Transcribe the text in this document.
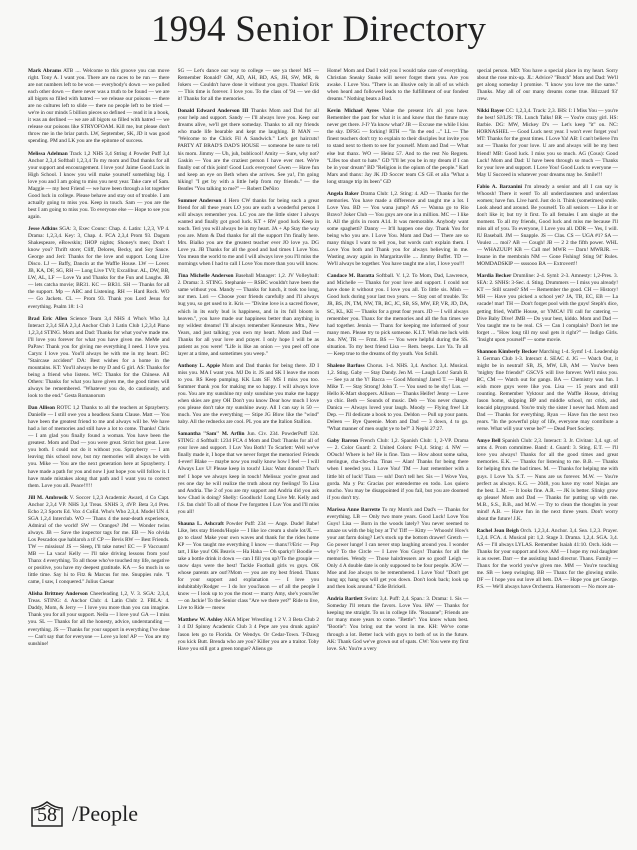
1994 Senior Directory

Mark Abrams ATB .... Welcome to this groove you can move right. Tony A. I want you. There are no races to be run — there are not numbers left to be won — everybody's down — we pulled each other down — there never was a truth to be found — we are all bigots so filled with hatred — we release our poisons — there are no cultures left to slide — there no people left to be tried — we're in our minds 5 billion pieces so defined — read it in a book, it was an derlined — we are all bigots so filled with hatred — we release our poisons like STRYOFOAM. Kill me, but please don't throw me in the briar patch. LW, September, SK, JD it was good spending. PM and LK you are the epitome of success.

Melissa Adelman Track 1,2 NHS 3,4 String 4 Powder Puff 3,4 Anchor 2,3,4 Softball 1,2,3,4 To my mom and Dad thanks for all your support and encouragement. I love you! Jaime Good Luck in High School. I know you will make yourself something big. I love you and I am going to miss you next year. Take care of Sam. Maggie — my best Friend — we have been through a lot together Good luck in college. Please behave and stay out of trouble. I am actually going to miss you. Keep in touch. Sam — you are the best I am going to miss you. To everyone else — Hope to see you again.

Jesse Adkins SGA: 3, Exec Counc: Chap. 4. Latin: 1,2,3, VP 4. Drama: 1,2,3,4. Key: 3, Chap. 4. FCA 2,3,4 Prom 93. Dagum Shakespeare, eBowskin; IHOP nights; Shoney's men; Don't I know you? Thrift store; Cliff, Delores, Becky, and Soy Sauce. George and Jeri: Thanks for the love and support. Long Live Disco. LJ — Baffy, Dancin at the Waffle House. LW — Lover. JB, KA, DF, SG, RH — Long Live TVI; Excalibur. AL, DW, BB, LW, AL, LF — Love Ya and Thanks for the Fun and Laughs. JB — lets catcha movie; BR31. KC — BR31. SH — Thanks for all the support. Mp — ABC and Listening. RH — Hard Rock. WO — Go Jackets. CL — Prom 93. Thank you Lord Jesus for everything. Psalm 18: 1-3

Brad Eric Allen Science Team 3,4 NHS 4 Who's Who 3,4 Interact 2,3,4 SEA 2,3,4 Anchor Club 3 Latin Club 1,2,3,4 Piano 1,2,3,4 STING. Mom and Dad: Thanks for what you've made me. I'll love you forever for what you have given me. MeMe and PaPaw: Thank you for giving me everything I need. I love you. Caryn: I love you. You'll always be with me in my heart. BC: ''Staircase accident'' DA: Best wishes for a home in the mountains. KT: You'll always be my D and G girl. AS: Thanks for being a friend who listens. WC: Thanks for the Chinese. All Others: Thanks for what you have given me, the good times will always be remembered. ''Whatever you do, do cautiously, and look to the end.'' Gesta Romanorum

Dan Allison ROTC 1,2 Thanks to all the teachers at Sprayberry. Danielle — I still owe you a headless Santa Clause. Matt — You have been the greatest friend to me and always will be. We have had a lot of memories and still have a lot to come. Thanks! Chris — I am glad you finally found a woman. You have been the greatest. Mom and Dad — you were great. Strict but great. Love you both. I could not do it without you. Sprayberry — I am leaving this school now, but my memories will always be with you. Mike — You are the next generation here at Sprayberry. I have made a path for you and now I just hope you will follow it. I have made mistakes along that path and I want you to correct them. Love you all. Peace!!!!!

Jill M. Ambrosik V. Soccer 1,2,3 Academic Award, 4 Co Capt. Anchor 2,3,4 VP. NHS 3,4 Treas. SNHS 3, 4VP. Beta 3,4 Pres. Echo 2,3 Sports Ed. Vox 4 CoEd. Who's Who 2,3,4. Model UN 4. SGA 1,2,4 Interclub. WO — Thanx 4 the near-death experience, Admiral of the world! SW — Oranges? JM — Wonder twins always. JB — Save the inspector tags for me. EB — No olvida Los Pescados que hablaroh a ti! CP — Bevis RW — Best Friends. TW — mississa! JS — Sleep, I'll take notes! EC — F Vaccuum! MB — La vaca! Kelly — I'll take driving lessons from you! Thanx 4 everything. To all those who've touched my life, negative or positive, you have my deepest gratitude. KA — So much in so little time. Say hi to Fitz & Marcus for me. Snuppies rule. ''I came, I saw, I conquered.'' Julius Caesar

Alisha Brittney Anderson Cheerleading 1,2, V. 3. SGA: 2,3,4, Treas. STING: 4. Anchor Club: 4. Latin Club: 2. FBLA: 4. Daddy, Mom, & Jerry — I love you more than you can imagine. Thank you for all your support. Neila — I love you! GA — I miss you. SL — Thanks for all the honesty, advice, understanding — everything. JS — Thanks for your support in everything I've done — Can't say that for everyone — Love ya lots! AP — You are my sunshine!

SG — Let's dance our way to college — see ya there! MS — Remember Ronald? GM, AD, AH, BD, AS, JH, SW, MR, & Jokers — Couldn't have done it without you guys. Thanks! Erik — This time is forever. I love you. To the class of '94 — we did it! Thanks for all the memories.

Donald Edward Anderson III Thanks Mom and Dad for all your help and support. Sandy — I'll always love you. Keep our dreams alive, we'll get there someday. Thanks to all my friends who made life bearable and kept me laughing. B MAN — ''Welcome to the Chick Fil A Sandwich.'' Let's get haircuts! PARTY AT BRAD'S DAD'S HOUSE — someone be sure to tell his mom. Jimmy — Uh, juh, bublicool! Amity — Sure, why not? Gaskin — You are the craziest person I have ever met. We're finally out of this joint! Good Luck everyone! Gwen — Have fun and keep an eye on Beth when she arrives. See ya!, I'm going hiking! ''I get by with a little help from my friends.'' — the Beatles ''You talking to me?'' — Robert DeNiro

Summer Anderson 4 Hero CW thanks for being such a great friend for all these years LO you are such a wonderful person I will always remember you. LC you are the little sister I always wanted and finally got good luck. KT + RW good luck Keep in touch. Teri you will always be in my heart. JA + Ap Stay the way you are. Mom & Dad thanks for all the support I'm finally here. Mrs. Bialko you are the greatest teacher ever JO love ya. DG Love ya. JB Thanks for all the good and bad times I Love You. You mean the world to me and I will always love you I'll miss the mornings when I had to call I Love You more than you will know.

Tina Michelle Anderson Baseball Manager: 1,2. JV Volleyball: 2. Drama: 3. STING. Stephanie — RSBC wouldn't have been the same without you. Mandy — Thanks for lunch, it took too long, our men. Lori — Choose your friends carefully and I'll always bug you, so get used to it. Kris — ''Divine love is a sacred flower, which in its early bud is happiness, and in its full bloom is heaven.'', you have made our happiness better than anything in my wildest dreams! I'll always remember Kennesaw Mtn., New Years, and just talking; you own my heart. Mom and Dad — Thanks for all your love and prayer. I only hope I will be as patient as you were! ''Life is like an onion — you peel off one layer at a time, and sometimes you weep.''

Anthony L. Appie Mom and Dad thanks for being there. JD I miss you. MA I want you. MJ Do it. JS and SK I leave the room to you. RS Keep pumping. KK Lats SF. MS I miss you too. Summer thank you for making me so happy. I will always love you. You are my sunshine my only sunshine you make me happy when skies are grey OH Don't you know Dear how much I love you please don't take my sunshine away. All I can say is 50 — much. You are the everything — Stipe JG Blow like the ''wind'' baby. All the rednecks are cool. PL you are the Italion Stallion.

Samantha ''Sam'' M. Arflin Jun. Civ. 234. PowderPuff 124. STING: 4 Softball: 1234 FCA 4 Mom and Dad: Thanks for all of your love and support. I Luv You Both! To Scarlett: Well we've finally made it, I hope that we never forget the memories! Friends 4-ever! Blake — maybe now you really know how I feel — I will Always Luv U! Please keep in touch! Lisa: Want donuts? That's me! I hope we always keep in touch! Melissa: you're great and yes one day he will realize the truth about my feelings! To Lisa and Andria. The 2 of you are my support and Andria did you ask how Chad is doing? Shelly: Goodluck! Long Live Mr. Kelly and J.S. fan club! To all of those I've forgotten I Luv You and I'll miss you all!

Shauna L. Ashcraft Powder Puff: 234 — Ange. Dude! Babe! Like, lets stay friends/Hopie — I like ice cream a shole lot/JL — go to class! Make your own waves and thank for the rides home KP — You taught me everything I know — thanx!?/Eric — Pop tart, I like you! OK Beavis — Ha Haha — Oh sparky!/ Boodie — take a bottle drink it down — can I fill you up?/To the groupie — snow days were the best! Tackle Football girls vs guys. OK whose parents are out!?Mom — you are my best friend. Thanx for your support and explanation — I love you indubitably/Rodger — I do luv you/Jason — of all the people I know — I look up to you the most — marry Amy, she's yours/Jer — on Jackie! To the Senior class ''Are we there yet?'' Ride to live, Live to Ride — meow

Matthew W. Ashley AKA Miper Wrestling 1 2 V. 3 Beta Club 2 3 4 DJ Spinny Academic Club 3 4 Pepe are you drunk again? Jason lets go to Florida. Or Wendys. Or Cedar-Town. T-Dawg you kick Butt. Brenda who are you? Killer you are a traitor. Toby Have you still got a green tongue? Aliens go

Home! Mom and Dad I told you I would take care of everything. Christian Sneaky Snake will never forget them you. Are you awake. I Love You. ''There is an illusive only in all of us which when heard and followed leads to the fulfillment of our fondest dreams.'' Nothing beats a Bud.

Kevin Michael Ayres Value the present it's all you have. Remember the past for what it is and know that the future may never get there. J-I? Ya know what? JB — Excuse me while I kiss the sky. DFSG — forking! RTH — ''In the end ...'' LL — The finest teachers don't try to explain to their disciples but invite you to stand next to them to see for yourself. Mom and Dad — What else but thanx. WO — Heinz 57. And to the rest No Regrets. ''Lifes too short to hate.'' GD ''I'll let you be in my dream if I can be in your dream'' BD ''Religion is the opium of the people.'' Karl Mars and thanx: Jay JK JD Soccer team CS GE et alia ''What a long strange trip its been'' GD

Angela Baker Drama Club: 1,2. Sting: 4. AD — Thanks for the memories. You have made a difference and taught me a lot. I Love You. BD — You wana jump? AS — Wanna go to Rio Bravo? Joker Club — You guys are one in a million. MC — I like it. All the girls in room A14. It was memorable. Anybody want some spaghetti? Danny — It'll happen one day. Thank You for being who you are. I Love You. Mom and Dad — There are so many things I want to tell you, but words can't explain them. I Love You both and Thank you for always believing in me. Wasting away again in Margaritaville .... Jimmy Buffet. TD — We'll always be together. You have taught me a lot, I love you!!!

Candace M. Baratta Softball. V. 1,2. To Mom, Dad, Lawrence, and Michelle — Thanks for your love and support. I could not have done it without you. I love you all. To little sis. Mish — Good luck during your last two years. — Stay out of trouble. To: JR, BS, JN, TM, NW, TR, BC, JC, SB, SS, MW, EP, VR, JD, DA, SC, KL, KE — Thanks for a great four years. JD — I will always remember you. Thanx for the memories and all the fun times we had together. Jennia — Thanx for keeping me informed of your many men. Please try to pick someone. K.I.T. Wish me luck with Jon. NW, TR — Frmt. BS — You were helpful during the SS. situation. To my best friend Lisa — Rem. beeps. Luv Ya. To all — Keep true to the dreams of thy youth. Von Schill.

Shalene Barfuss Chorus. 1-4. NHS. 3,4. Anchor. 3,4. Musical. 1,2. Sting. Gaby — Stay Dandy. Jen M. — Laugh Lots! Sarah B. — See ya at the Y! Bacca — Good Morning! Jared T. — Hugs! Mike T. — Stay Strong! John T. — You used to be shy! Lus. — Hello K-Mart shoppers. Allison — Thanks Heifer! Jenny — Love ya chic. Beth — Sounds of music. Deb — You never change. Danica — Always loved your laugh. Moody — Flying free! Lit Dep. — I'll dedicate a book to you. Deldon — Pull up your pants. Deleen — Bye Queenie. Mom and Dad — 3 down, 4 to go. ''What manner of men ought ye to be?'' 3 Nephi 27:27.

Gaby Barron French Club: 1,2. Spanish Club: 1, 2-VP. Drama — 2. Color Guard: 2. United Colors: P-3,4. Sting: 4. NW — OOuch! Where is he? He is fine. Tara — How about some salsa, meringue, cha-cho-cha. Tinas — Alan! Thanks for being there when I needed you. I Love You! TM — Just remember with a little bit of luck! Tiara — ssh! Don't tell her. Sis — I Wove You, gorda. Ma y Pa: Gracias por entenderme en todo. Los quiero mucho. You may be disappointed if you fail, but you are doomed if you don't try.

Marissa Anne Barrette To my Mom's and Dad's — Thanks for everything. LB — Only two more years. Good Luck! Love You Guys! Lisa — Born in the woods lately? You never seemed to amaze us with the big boy at T's! Tiff — Kitty — Whoosh! How's your ant farm doing? Let's stock up the bottom drawer! Gretch — Go power lunge! I can never stop laughing around you. I wonder why? To the Circle — I Love You Guys! Thanks for all the memories. Wendy — Those hairdressers are so good! Leigh — Only 4 A double date is only supposed to be four people. JGW — Moe and Joe always to be remembered. I Love You! ''Don't get hung up; hang ups will get you down. Don't look back; look up and then look around.'' Edie Brickell.

Andria Bartlett Swim: 3,4. Puff: 2,4. Span.: 3. Drama: 1. Sis — Someday I'll return the favors. Love You. HW — Thanks for keeping me straight. To us in college life. ''Rosanne''; Friends are for many more years to come. ''Bettle'': You know whats best. ''Bootie'': You bring out the worst in me. KH: We've come through a lot. Better luck with guys to both of us in the future. AK: Thank God we've grown out of spats. CW: You were my first love. SA: You're a very

special person. MD: You have a special place in my heart. Sorry about the rose mix-up. JL: Advice? ''Butch'' Mom and Dad: We'll get along someday I promise. ''I know you love me the same.'' Thanks. May all of our many dreams come true. Blizzard 93' crew.

Nikki Bayer CC: 1,2,3,4. Track: 2,3. IHS: I: I Miss You — you're the best! SJ/LJS: TR. Lunch Talks! BR — You're crazy girl. HS: Barbie. DG: MW, Mickey D's — Let's keep ''it'' on. NC: HORNASHEL — Good Luck next year. I won't ever forget you! MT: Thanks for the great times. I Love Ya! AB: I can't believe I'm out — Thanks for your love. U are and always will be my best friend! MB: Good luck. I miss you so much. AG (Cous): Good Luck! Mom and Dad: U have been through so much — Thanks for your love and support. I Love You! Good Luck to everyone — May U Succeed in whatever your dreams may be. Smile!!!

Fabio A. Barzanini I'm already a senior and all I can say is Whoosh! There it went! To all underclassmen and underclass women; have fun. Live hard. Just do it. Think (sometimes) smile. Look ahead and around. Be yourself. To all seniors — Like it or don't like it; but try it first. To all females I am single at the moment. To all my friends, Good luck and miss me because I'll miss all of you. To everyone, I Love you all. DDR — Yes, I will. IU Baseball. JM — Snapple. JS — Clas. CS — UGA #1? SA — Voulez .... moi? AB — Cough! JB — 2 2 the fifth power. WHL — WHAZUUP! KB — Call me! MWR — Darn! MWRJR. — Insane in the membrain NM — Gone Fishing! Sting 94' Rules. MOMDADSKIP — ssssooo BA — Extrovert!!

Mardia Becker Drumline: 2-4. Syml: 2-3. Amnesty: 1,2-Pres. 3. SEA: 2. SNHS: 3-Sec. 4. Sting. Drummers — I miss you already! KT — Still scared? SM — Remember the good. CH — History! MH — Have you picked a school yet? JA, TB, EC, EB — La vacade! mar! TH — Don't forget pool with the guys! Steph's dice, getting fried, Waffle House, or YMCA! I'll call for catering — Dive Baby Dive! JMB — Do your best, kiddo. Mom and Dad — You taught me to be real. CS — Can I complain? Don't let me forget ... ''How long till my soul gets it right?'' — Indigo Girls. ''Insight upon yourself'' — some movie.

Shannon Kimberly Becker Marching 1-4. Symf 1-4. Leadership 3. German Club 1-3. Interact 4. SEAC 4. JG — Watch Out, it might be in neutral! SB, JS, MW, LB, AM — You've been ''mighty fine friends!'' GSCVS will live forever. We'll miss you. BC, CM — Watch out for gangs. BA — Chemistry was fun. I wish more guys were like you. Lisa — 15 years and still counting. Remember Vyktour and the Waffle House, driving Jason home, skipping BP and middle school, mt crick, and loncaid playground. You're truly the sister I never had. Mom and Dad — Thanks for everything. Ryan — Have fun the next two years. ''In the powerful play of life, everyone may contribute a verse. What will your verse be?'' — Dead Poet Society.

Amye Bell Spanish Club: 2,3. Interact: 3. Jr. Civitan: 3,4. sgt. of arms 4. Prom committee. Band: 4. Guard: 3. Sting. E.T. — I'll love you always! Thanks for all the good times and great memories. E.K. — Thanks for listening to me. B.B. — Thanks for helping thru the bad times. M. — Thanks for helping me with guys. I Love Ya. S.T. — Nuns are us forever. M.W. — You're perfect as always. K.G. — 2048, you have my vote! Ninjas are the best. L.M. — It looks fine. A.R. — JK is better. Slinky grow up please! Mom and Dad — Thanks for putting up with me. M.B., S.S., B.B., and M.W. — Try to clean the thoughts in your mind! A.B. — Have fun in the next three years. Don't worry about the future! J.K.

Rachel Jean Beigh Orch. 1,2,3,4. Anchor. 3,4. Sea. 1,2,3. Prayer. 1,2,4. FCA. 4. Musical pit: 1,2. Stage 3. Drama. 1,2,4. SGA. 3,4. AS — I'll always LYLAS. Remember Isaiah 41:10. Orch. kids — Thanks for your support and love. AM — I hope my real daughter is as sweet. Darr — the assisting band director. Thanx. Family — Thanx for the world you've given me. MM — You're touching me. SB — keep swinging. BB — Thanx for the glowing smile. DF — I hope you out love all bets. DA — Hope you get George. P.S. — We'll always have Orchestra. Homeroom — No more an-

58 /People
